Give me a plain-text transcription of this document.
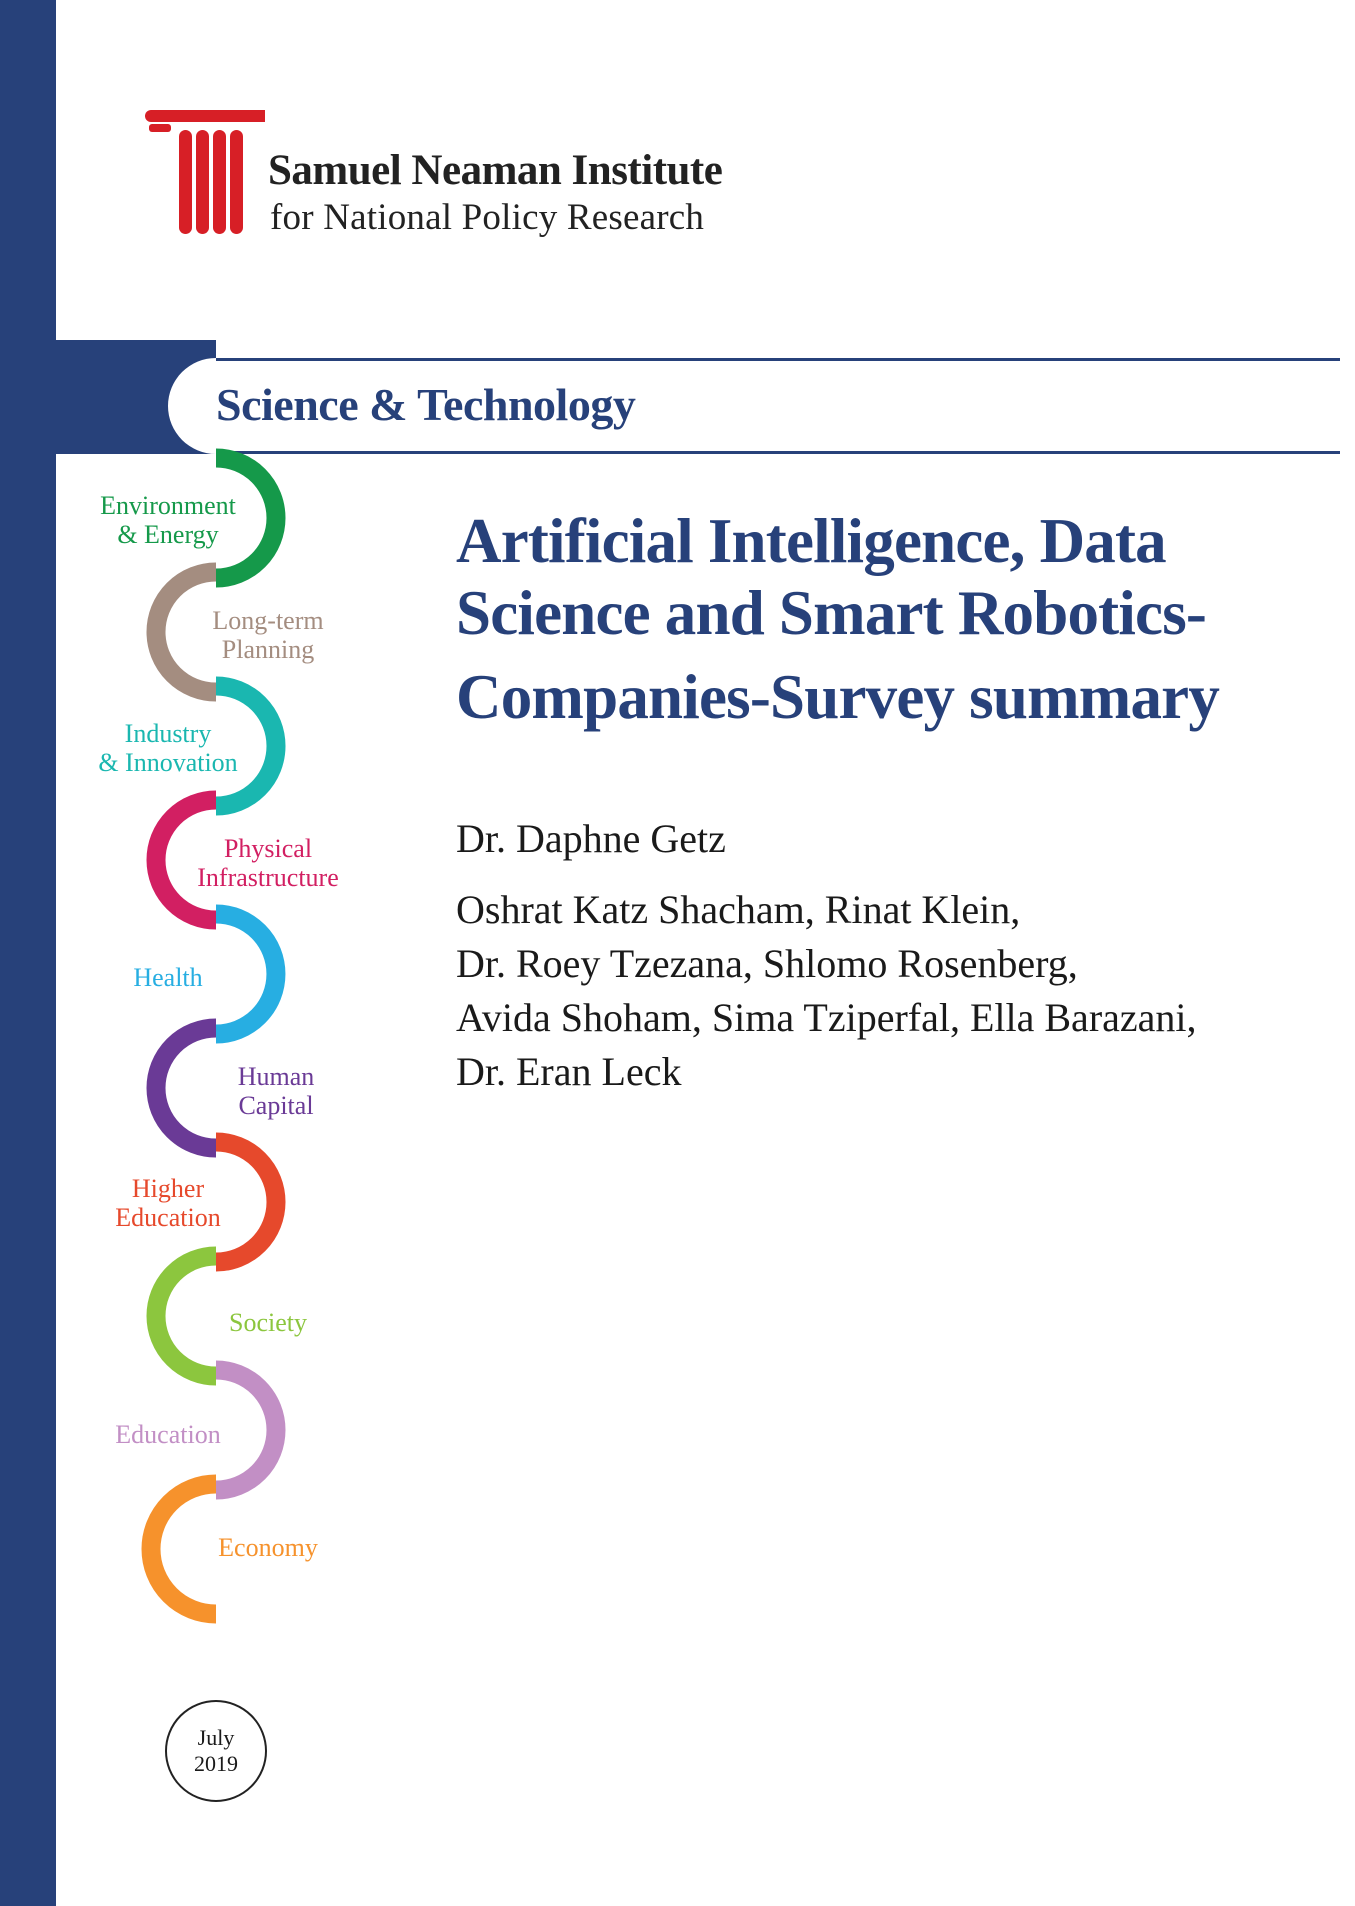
Samuel Neaman Institute
for National Policy Research
Science & Technology
Environment
& Energy
Long-term
Planning
Industry
& Innovation
Physical
Infrastructure
Health
Human
Capital
Higher
Education
Society
Education
Economy
Artificial Intelligence, Data
Science and Smart Robotics-
Companies-Survey summary
Dr. Daphne Getz
Oshrat Katz Shacham, Rinat Klein,
Dr. Roey Tzezana, Shlomo Rosenberg,
Avida Shoham, Sima Tziperfal, Ella Barazani,
Dr. Eran Leck
July
2019
